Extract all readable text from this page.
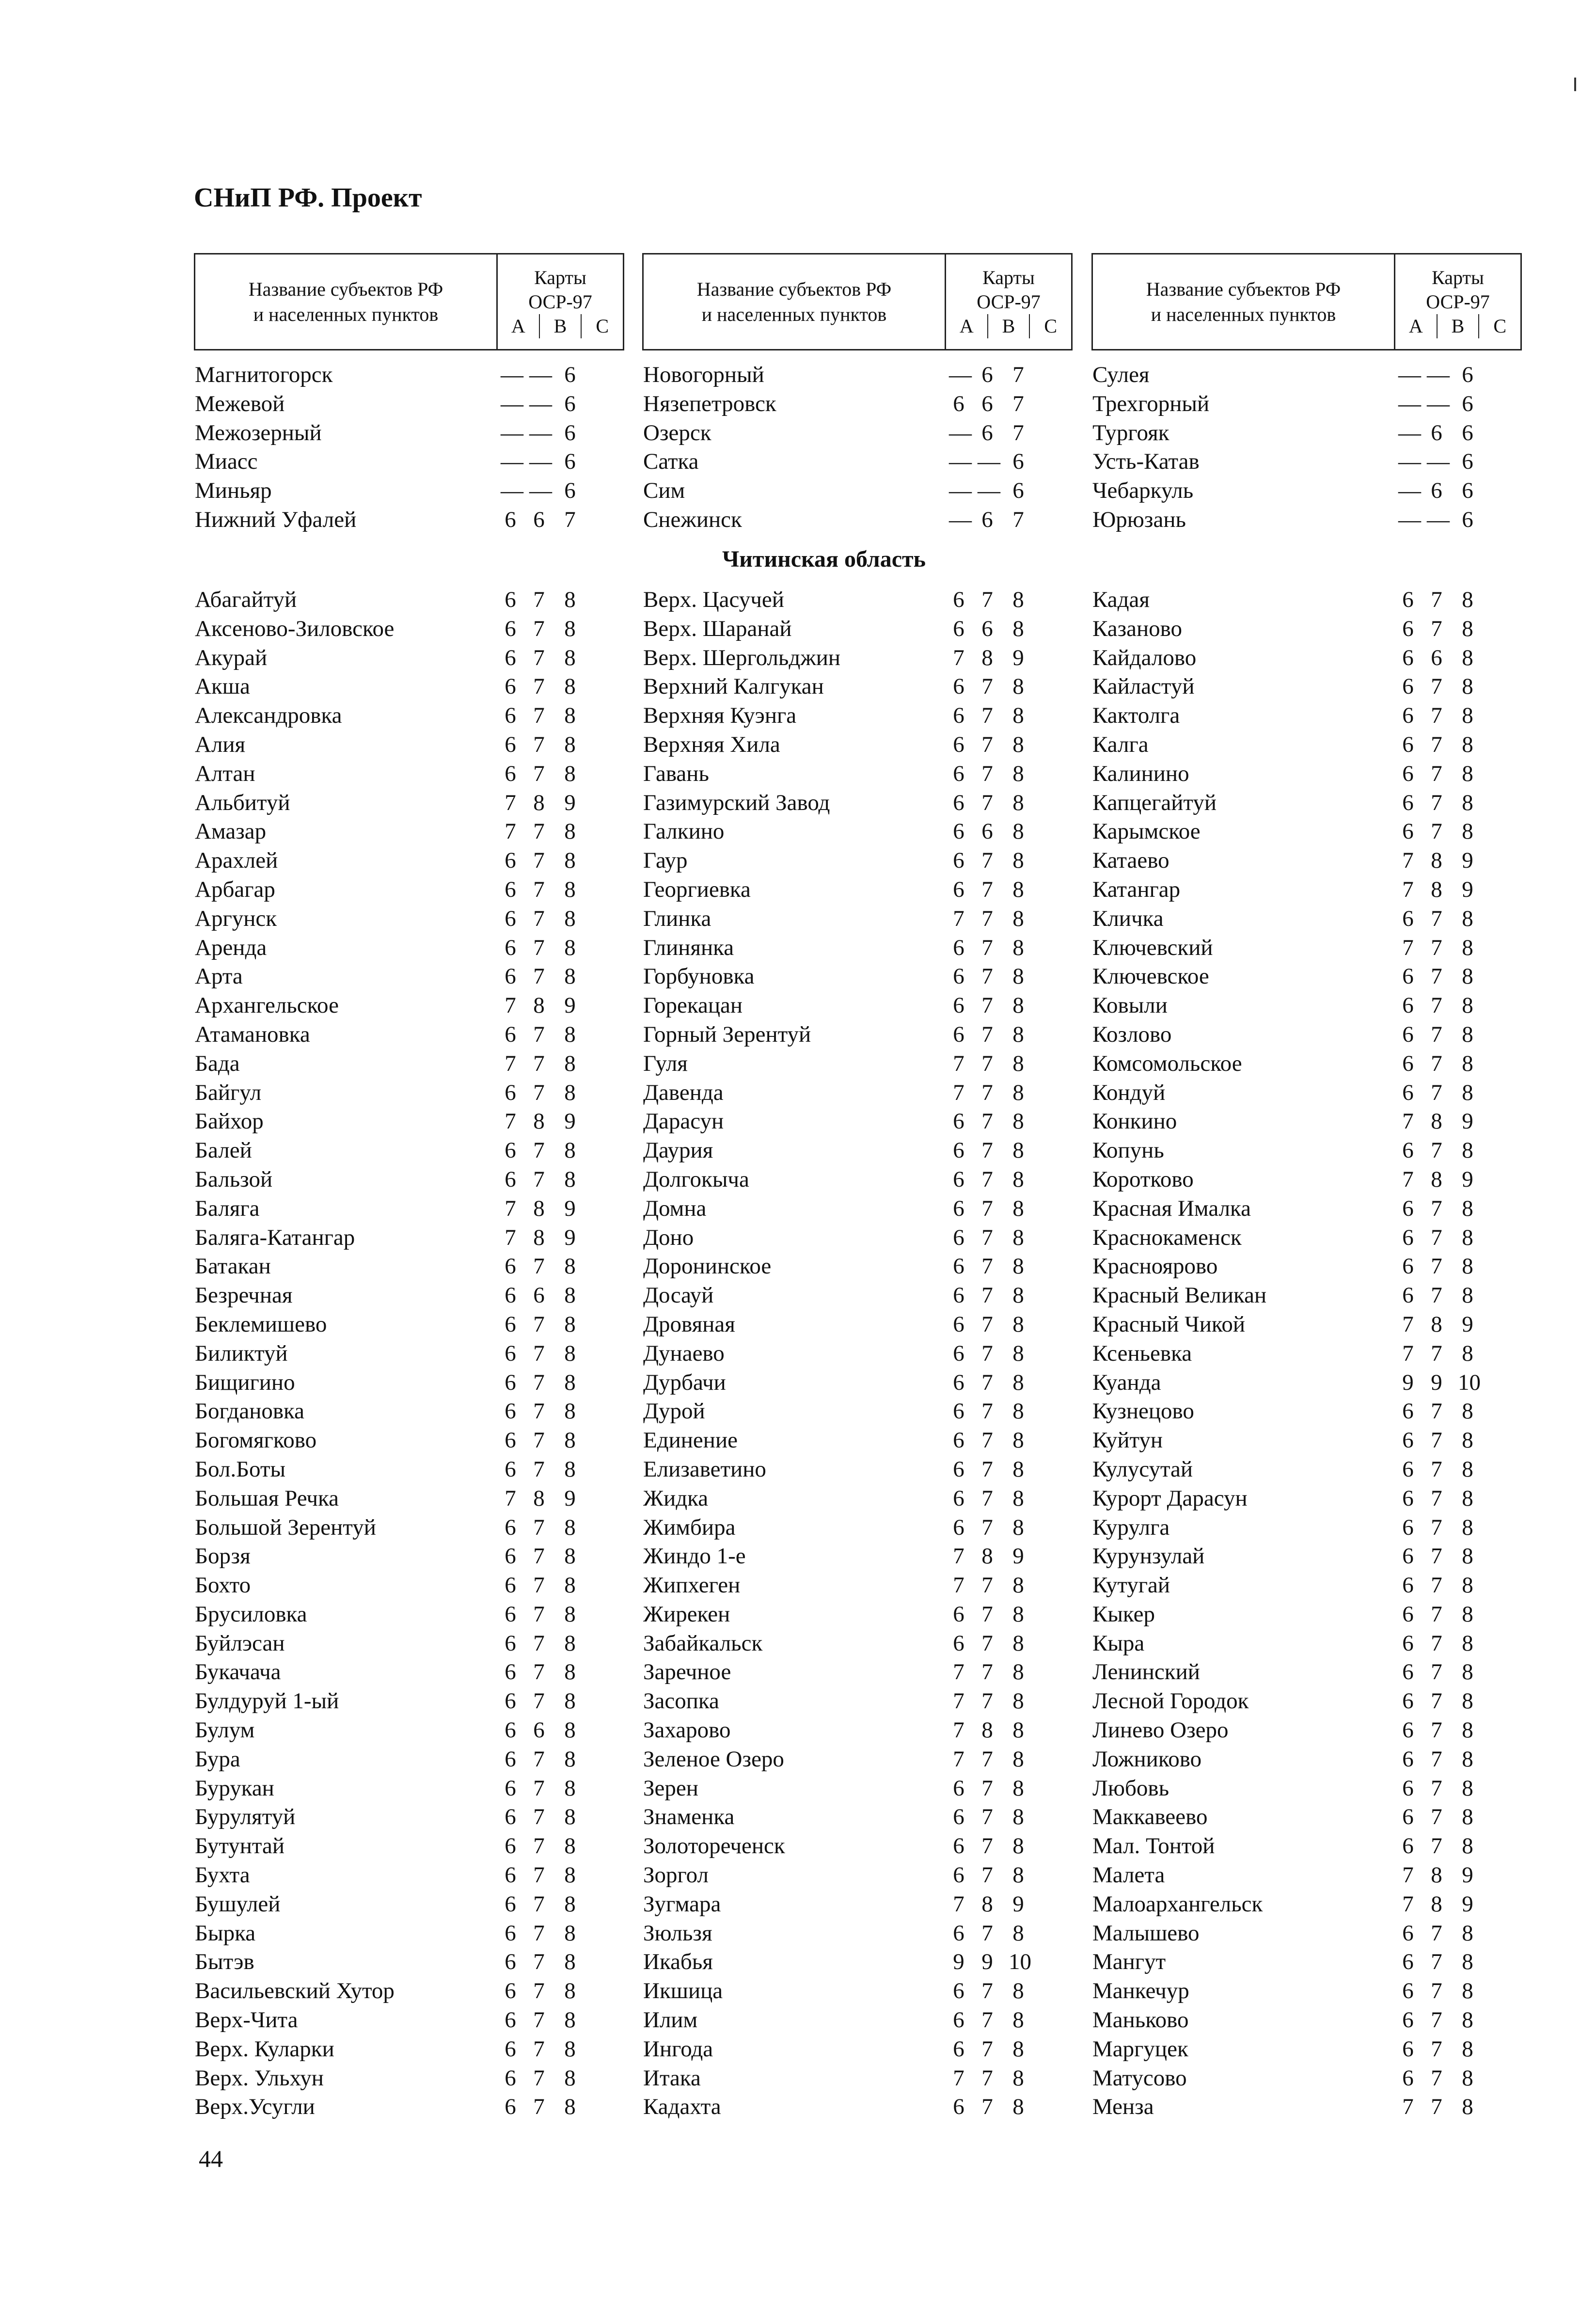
СНиП РФ. Проект
Название субъектов РФ
и населенных пунктов
Карты
ОСР-97
A	B	C
Магнитогорск	— — 6
Межевой	— — 6
Межозерный	— — 6
Миасс	— — 6
Миньяр	— — 6
Нижний Уфалей	6 6 7
Абагайтуй	6 7 8
Аксеново-Зиловское	6 7 8
Акурай	6 7 8
Акша	6 7 8
Александровка	6 7 8
Алия	6 7 8
Алтан	6 7 8
Альбитуй	7 8 9
Амазар	7 7 8
Арахлей	6 7 8
Арбагар	6 7 8
Аргунск	6 7 8
Аренда	6 7 8
Арта	6 7 8
Архангельское	7 8 9
Атамановка	6 7 8
Бада	7 7 8
Байгул	6 7 8
Байхор	7 8 9
Балей	6 7 8
Бальзой	6 7 8
Баляга	7 8 9
Баляга-Катангар	7 8 9
Батакан	6 7 8
Безречная	6 6 8
Беклемишево	6 7 8
Биликтуй	6 7 8
Бищигино	6 7 8
Богдановка	6 7 8
Богомягково	6 7 8
Бол.Боты	6 7 8
Большая Речка	7 8 9
Большой Зерентуй	6 7 8
Борзя	6 7 8
Бохто	6 7 8
Брусиловка	6 7 8
Буйлэсан	6 7 8
Букачача	6 7 8
Булдуруй 1-ый	6 7 8
Булум	6 6 8
Бура	6 7 8
Бурукан	6 7 8
Бурулятуй	6 7 8
Бутунтай	6 7 8
Бухта	6 7 8
Бушулей	6 7 8
Бырка	6 7 8
Бытэв	6 7 8
Васильевский Хутор	6 7 8
Верх-Чита	6 7 8
Верх. Куларки	6 7 8
Верх. Ульхун	6 7 8
Верх.Усугли	6 7 8
Название субъектов РФ
и населенных пунктов
Карты
ОСР-97
A	B	C
Новогорный	— 6 7
Нязепетровск	6 6 7
Озерск	— 6 7
Сатка	— — 6
Сим	— — 6
Снежинск	— 6 7
Верх. Цасучей	6 7 8
Верх. Шаранай	6 6 8
Верх. Шергольджин	7 8 9
Верхний Калгукан	6 7 8
Верхняя Куэнга	6 7 8
Верхняя Хила	6 7 8
Гавань	6 7 8
Газимурский Завод	6 7 8
Галкино	6 6 8
Гаур	6 7 8
Георгиевка	6 7 8
Глинка	7 7 8
Глинянка	6 7 8
Горбуновка	6 7 8
Горекацан	6 7 8
Горный Зерентуй	6 7 8
Гуля	7 7 8
Давенда	7 7 8
Дарасун	6 7 8
Даурия	6 7 8
Долгокыча	6 7 8
Домна	6 7 8
Доно	6 7 8
Доронинское	6 7 8
Досауй	6 7 8
Дровяная	6 7 8
Дунаево	6 7 8
Дурбачи	6 7 8
Дурой	6 7 8
Единение	6 7 8
Елизаветино	6 7 8
Жидка	6 7 8
Жимбира	6 7 8
Жиндо 1-е	7 8 9
Жипхеген	7 7 8
Жирекен	6 7 8
Забайкальск	6 7 8
Заречное	7 7 8
Засопка	7 7 8
Захарово	7 8 8
Зеленое Озеро	7 7 8
Зерен	6 7 8
Знаменка	6 7 8
Золотореченск	6 7 8
Зоргол	6 7 8
Зугмара	7 8 9
Зюльзя	6 7 8
Икабья	9 9 10
Икшица	6 7 8
Илим	6 7 8
Ингода	6 7 8
Итака	7 7 8
Кадахта	6 7 8
Название субъектов РФ
и населенных пунктов
Карты
ОСР-97
A	B	C
Сулея	— — 6
Трехгорный	— — 6
Тургояк	— 6 6
Усть-Катав	— — 6
Чебаркуль	— 6 6
Юрюзань	— — 6
Кадая	6 7 8
Казаново	6 7 8
Кайдалово	6 6 8
Кайластуй	6 7 8
Кактолга	6 7 8
Калга	6 7 8
Калинино	6 7 8
Капцегайтуй	6 7 8
Карымское	6 7 8
Катаево	7 8 9
Катангар	7 8 9
Кличка	6 7 8
Ключевский	7 7 8
Ключевское	6 7 8
Ковыли	6 7 8
Козлово	6 7 8
Комсомольское	6 7 8
Кондуй	6 7 8
Конкино	7 8 9
Копунь	6 7 8
Коротково	7 8 9
Красная Ималка	6 7 8
Краснокаменск	6 7 8
Красноярово	6 7 8
Красный Великан	6 7 8
Красный Чикой	7 8 9
Ксеньевка	7 7 8
Куанда	9 9 10
Кузнецово	6 7 8
Куйтун	6 7 8
Кулусутай	6 7 8
Курорт Дарасун	6 7 8
Курулга	6 7 8
Курунзулай	6 7 8
Кутугай	6 7 8
Кыкер	6 7 8
Кыра	6 7 8
Ленинский	6 7 8
Лесной Городок	6 7 8
Линево Озеро	6 7 8
Ложниково	6 7 8
Любовь	6 7 8
Маккавеево	6 7 8
Мал. Тонтой	6 7 8
Малета	7 8 9
Малоархангельск	7 8 9
Малышево	6 7 8
Мангут	6 7 8
Манкечур	6 7 8
Маньково	6 7 8
Маргуцек	6 7 8
Матусово	6 7 8
Менза	7 7 8
Читинская область
44
